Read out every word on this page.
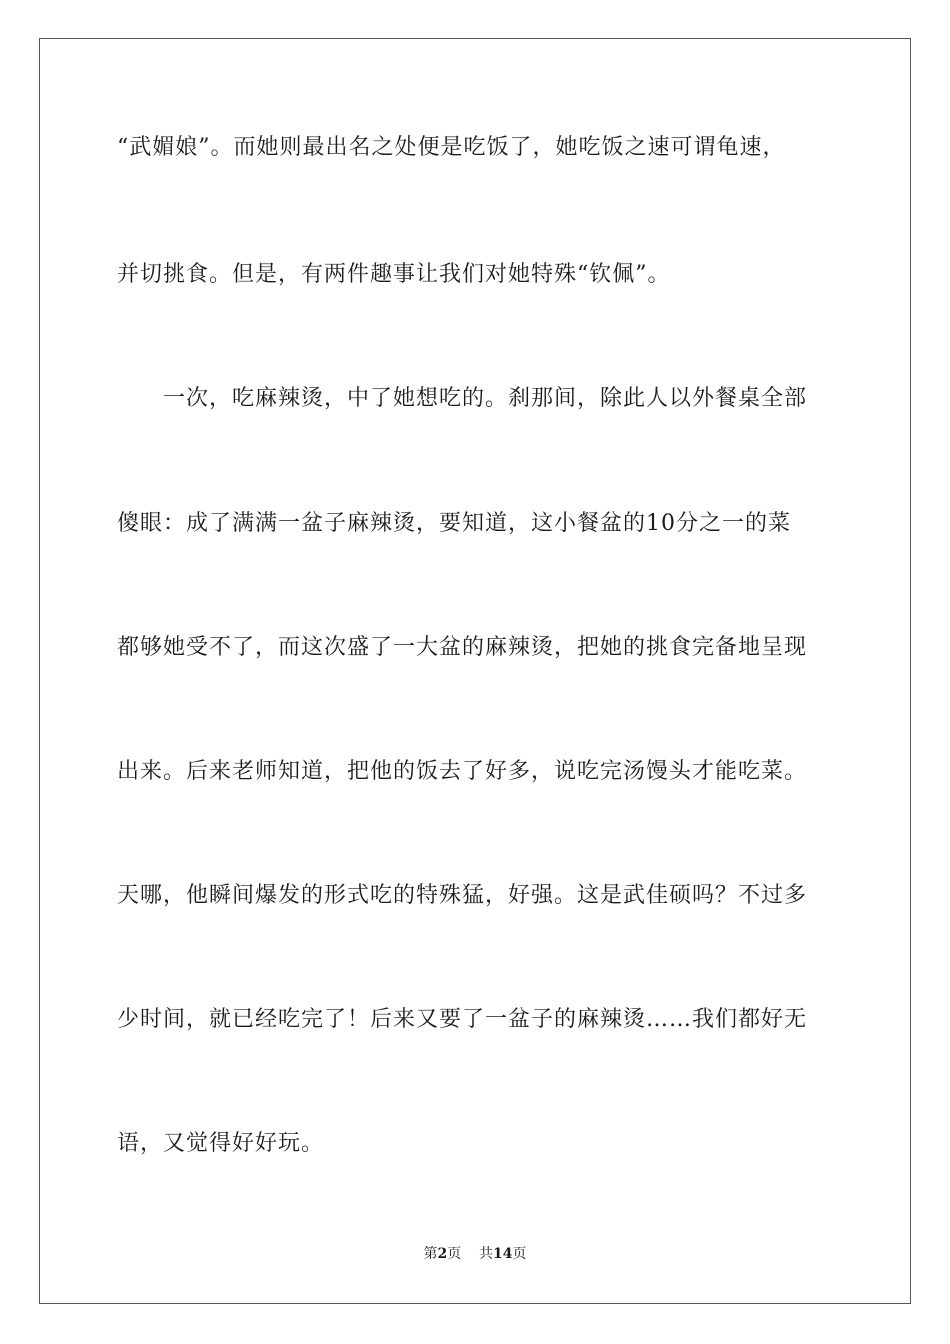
“武媚娘”。而她则最出名之处便是吃饭了，她吃饭之速可谓龟速，
并切挑食。但是，有两件趣事让我们对她特殊“钦佩”。
　　一次，吃麻辣烫，中了她想吃的。刹那间，除此人以外餐桌全部
傻眼：成了满满一盆子麻辣烫，要知道，这小餐盆的10分之一的菜
都够她受不了，而这次盛了一大盆的麻辣烫，把她的挑食完备地呈现
出来。后来老师知道，把他的饭去了好多，说吃完汤馒头才能吃菜。
天哪，他瞬间爆发的形式吃的特殊猛，好强。这是武佳硕吗？不过多
少时间，就已经吃完了！后来又要了一盆子的麻辣烫……我们都好无
语，又觉得好好玩。
第2页 共14页
